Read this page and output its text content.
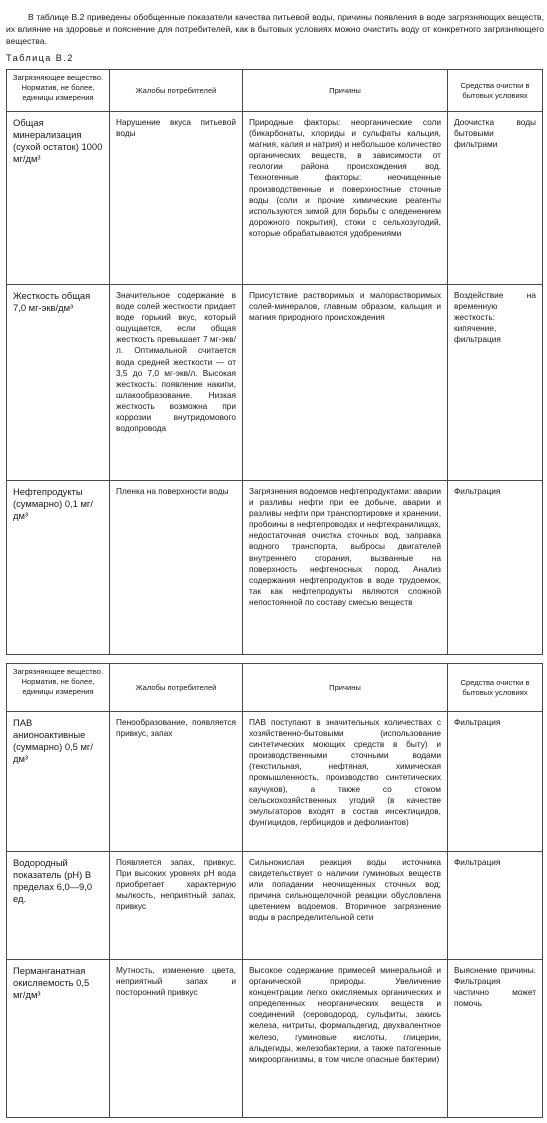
В таблице В.2 приведены обобщенные показатели качества питьевой воды, причины появления в воде загрязняющих веществ, их влияние на здоровье и пояснение для потребителей, как в бытовых условиях можно очистить воду от конкретного загрязняющего вещества.

Таблица В.2
Загрязняющее вещество. Норматив, не более, единицы измерения	Жалобы потребителей	Причины	Средства очистки в бытовых условиях
Общая минерализация (сухой остаток) 1000 мг/дм³	Нарушение вкуса питьевой воды	Природные факторы: неорганические соли (бикарбонаты, хлориды и сульфаты кальция, магния, калия и натрия) и небольшое количество органических веществ, в зависимости от геологии района происхождения вод. Техногенные факторы: неочищенные производственные и поверхностные сточные воды (соли и прочие химические реагенты используются зимой для борьбы с оледенением дорожного покрытия), стоки с сельхозугодий, которые обрабатываются удобрениями	Доочистка воды бытовыми фильтрами
Жесткость общая 7,0 мг-экв/дм³	Значительное содержание в воде солей жесткости придает воде горький вкус, который ощущается, если общая жесткость превышает 7 мг-экв/л. Оптимальной считается вода средней жесткости — от 3,5 до 7,0 мг-экв/л. Высокая жесткость: появление накипи, шлакообразование. Низкая жесткость возможна при коррозии внутридомового водопровода	Присутствие растворимых и малорастворимых солей-минералов, главным образом, кальция и магния природного происхождения	Воздействие на временную жесткость: кипячение, фильтрация
Нефтепродукты (суммарно) 0,1 мг/дм³	Пленка на поверхности воды	Загрязнения водоемов нефтепродуктами: аварии и разливы нефти при ее добыче, аварии и разливы нефти при транспортировке и хранении, пробоины в нефтепроводах и нефтехранилищах, недостаточная очистка сточных вод, заправка водного транспорта, выбросы двигателей внутреннего сгорания, вызванные на поверхность нефтеносных пород. Анализ содержания нефтепродуктов в воде трудоемок, так как нефтепродукты являются сложной непостоянной по составу смесью веществ	Фильтрация
Загрязняющее вещество. Норматив, не более, единицы измерения	Жалобы потребителей	Причины	Средства очистки в бытовых условиях
ПАВ анионоактивные (суммарно) 0,5 мг/дм³	Пенообразование, появляется привкус, запах	ПАВ поступают в значительных количествах с хозяйственно-бытовыми (использование синтетических моющих средств в быту) и производственными сточными водами (текстильная, нефтяная, химическая промышленность, производство синтетических каучуков), а также со стоком сельскохозяйственных угодий (в качестве эмульгаторов входят в состав инсектицидов, фунгицидов, гербицидов и дефолиантов)	Фильтрация
Водородный показатель (pH) В пределах 6,0—9,0 ед.	Появляется запах, привкус. При высоких уровнях pH вода приобретает характерную мылкость, неприятный запах, привкус	Сильнокислая реакция воды источника свидетельствует о наличии гуминовых веществ или попадании неочищенных сточных вод; причина сильнощелочной реакции обусловлена цветением водоемов. Вторичное загрязнение воды в распределительной сети	Фильтрация
Перманганатная окисляемость 0,5 мг/дм³	Мутность, изменение цвета, неприятный запах и посторонний привкус	Высокое содержание примесей минеральной и органической природы. Увеличение концентрации легко окисляемых органических и определенных неорганических веществ и соединений (сероводород, сульфиты, закись железа, нитриты, формальдегид, двухвалентное железо, гуминовые кислоты, глицерин, альдегиды, железобактерии, а также патогенные микроорганизмы, в том числе опасные бактерии)	Выяснение причины. Фильтрация частично может помочь
